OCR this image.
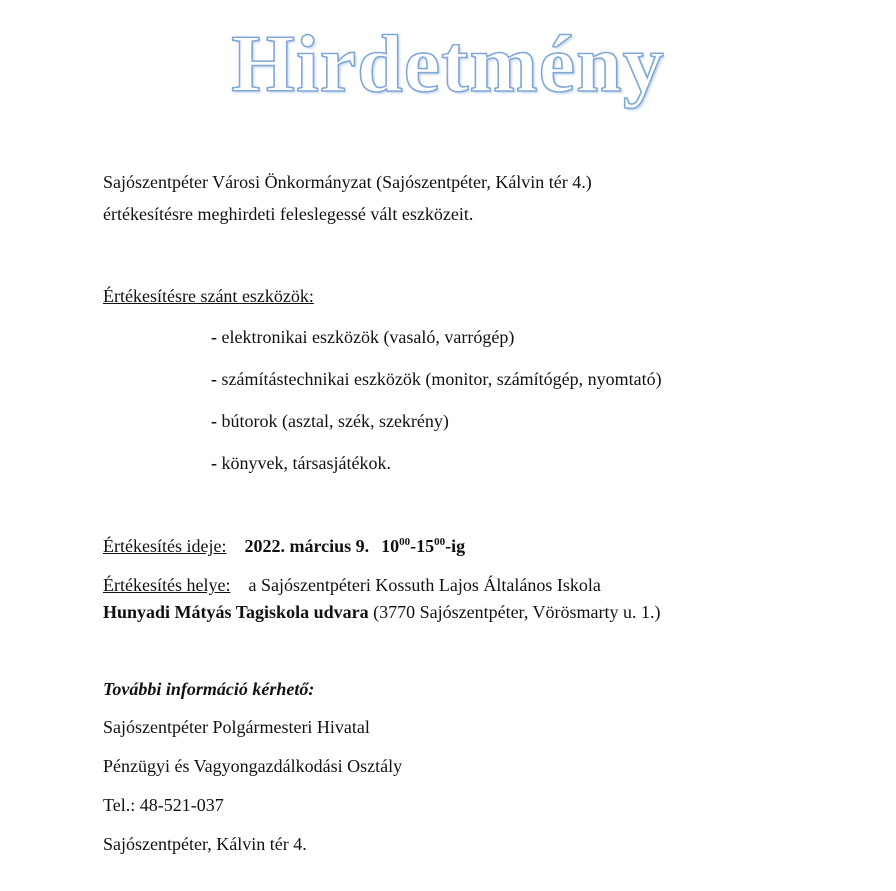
Hirdetmény
Sajószentpéter Városi Önkormányzat (Sajószentpéter, Kálvin tér 4.)
értékesítésre meghirdeti feleslegessé vált eszközeit.
Értékesítésre szánt eszközök:
- elektronikai eszközök (vasaló, varrógép)
- számítástechnikai eszközök (monitor, számítógép, nyomtató)
- bútorok (asztal, szék, szekrény)
- könyvek, társasjátékok.
Értékesítés ideje: 2022. március 9. $10^{00}-15^{00}-ig$
Értékesítés helye: a Sajószentpéteri Kossuth Lajos Általános Iskola
Hunyadi Mátyás Tagiskola udvara (3770 Sajószentpéter, Vörösmarty u. 1.)
További információ kérhető:
Sajószentpéter Polgármesteri Hivatal
Pénzügyi és Vagyongazdálkodási Osztály
Tel.: 48-521-037
Sajószentpéter, Kálvin tér 4.
